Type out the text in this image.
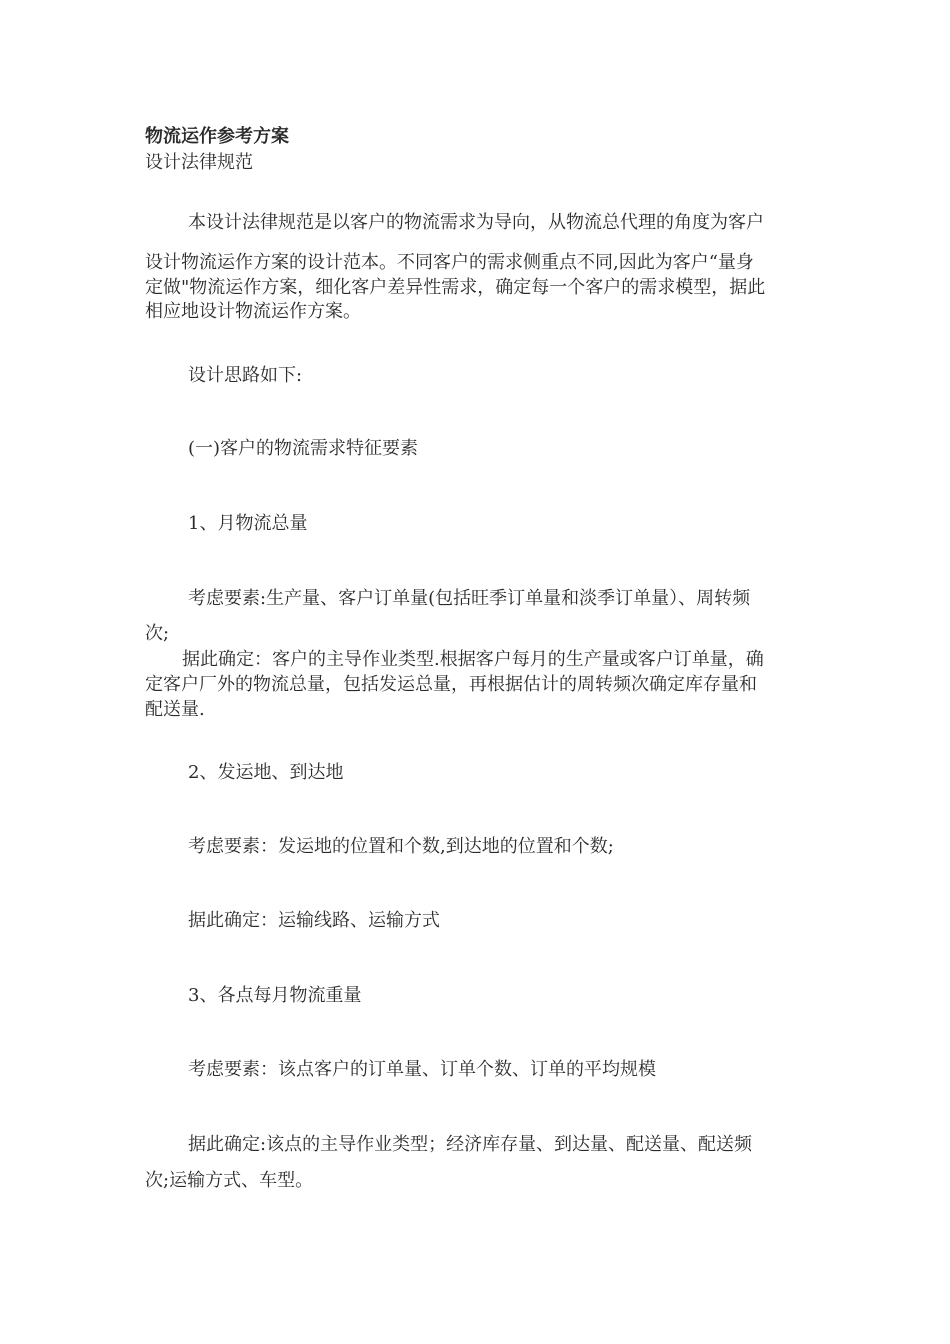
物流运作参考方案

设计法律规范

本设计法律规范是以客户的物流需求为导向，从物流总代理的角度为客户

设计物流运作方案的设计范本。不同客户的需求侧重点不同,因此为客户“量身

定做"物流运作方案，细化客户差异性需求，确定每一个客户的需求模型，据此

相应地设计物流运作方案。

设计思路如下:

(一)客户的物流需求特征要素

1、月物流总量

考虑要素:生产量、客户订单量(包括旺季订单量和淡季订单量）、周转频

次;

据此确定：客户的主导作业类型.根据客户每月的生产量或客户订单量，确

定客户厂外的物流总量，包括发运总量，再根据估计的周转频次确定库存量和

配送量.

2、发运地、到达地

考虑要素：发运地的位置和个数,到达地的位置和个数;

据此确定：运输线路、运输方式

3、各点每月物流重量

考虑要素：该点客户的订单量、订单个数、订单的平均规模

据此确定:该点的主导作业类型；经济库存量、到达量、配送量、配送频

次;运输方式、车型。
